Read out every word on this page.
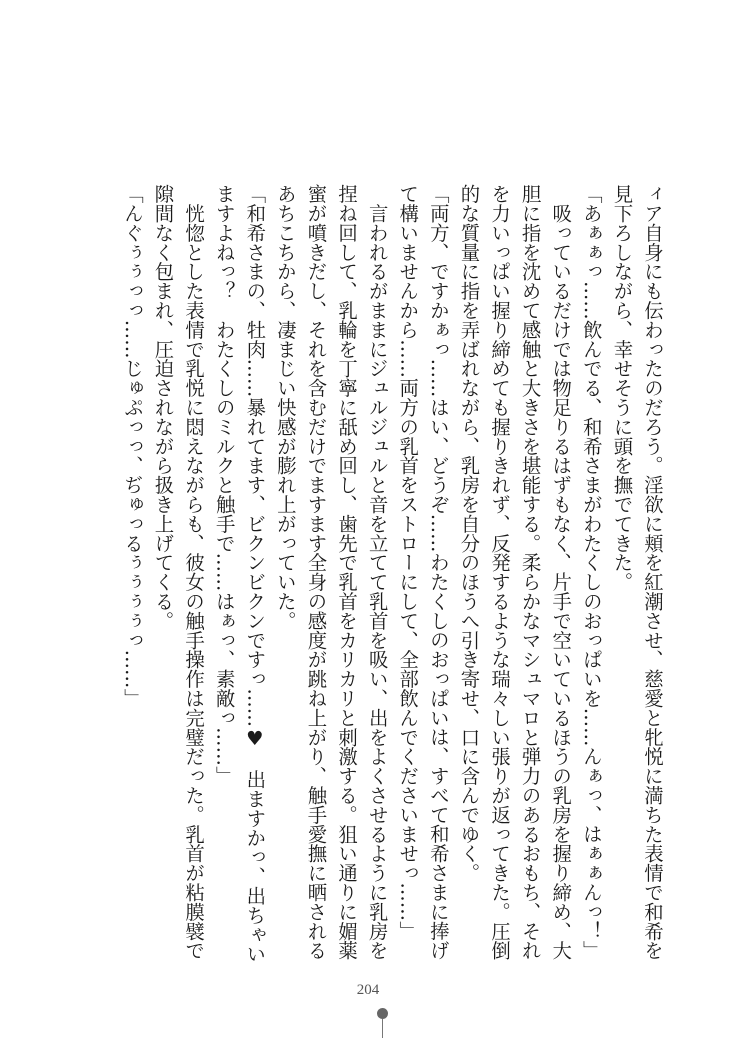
ィア自身にも伝わったのだろう。淫欲に頬を紅潮させ、慈愛と牝悦に満ちた表情で和希を
見下ろしながら、幸せそうに頭を撫でてきた。
「あぁぁっ……飲んでる、和希さまがわたくしのおっぱいを……んぁっ、はぁぁんっ！」
　吸っているだけでは物足りるはずもなく、片手で空いているほうの乳房を握り締め、大
胆に指を沈めて感触と大きさを堪能する。柔らかなマシュマロと弾力のあるおもち、それ
を力いっぱい握り締めても握りきれず、反発するような瑞々しい張りが返ってきた。圧倒
的な質量に指を弄ばれながら、乳房を自分のほうへ引き寄せ、口に含んでゆく。
「両方、ですかぁっ……はい、どうぞ……わたくしのおっぱいは、すべて和希さまに捧げ
て構いませんから……両方の乳首をストローにして、全部飲んでくださいませっ……」
　言われるがままにジュルジュルと音を立てて乳首を吸い、出をよくさせるように乳房を
捏ね回して、乳輪を丁寧に舐め回し、歯先で乳首をカリカリと刺激する。狙い通りに媚薬
蜜が噴きだし、それを含むだけでますます全身の感度が跳ね上がり、触手愛撫に晒される
あちこちから、凄まじい快感が膨れ上がっていた。
「和希さまの、牡肉……暴れてます、ビクンビクンですっ……♥　出ますかっ、出ちゃい
ますよねっ？　わたくしのミルクと触手で……はぁっ、素敵っ……」
　恍惚とした表情で乳悦に悶えながらも、彼女の触手操作は完璧だった。乳首が粘膜襞で
隙間なく包まれ、圧迫されながら扱き上げてくる。
「んぐぅぅっっ……じゅぷっっ、ぢゅっるぅぅぅぅっ……」
204
